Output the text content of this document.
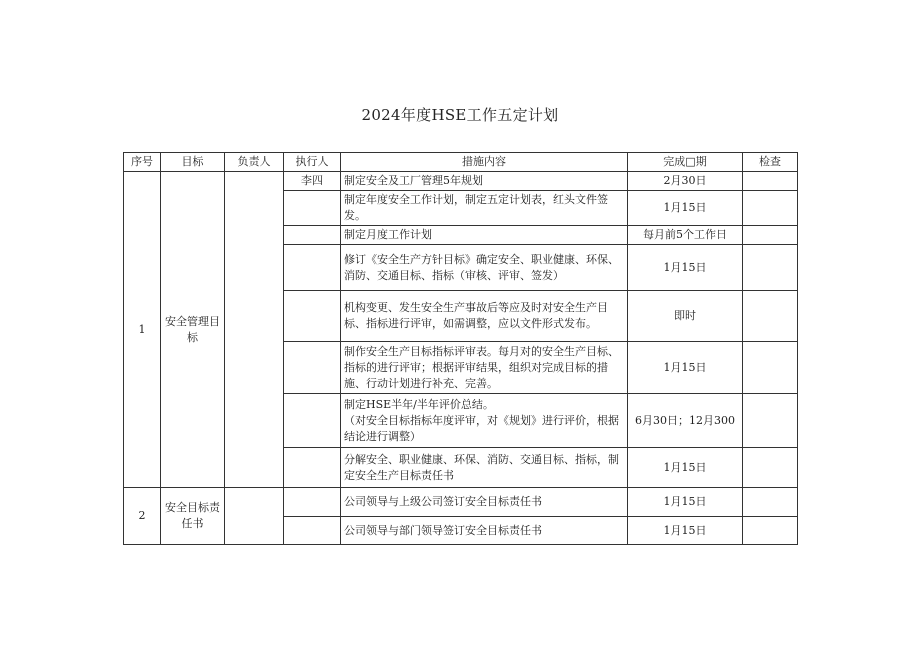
2024年度HSE工作五定计划
序号	目标	负责人	执行人	措施内容	完成□期	检查
1	安全管理目标		李四	制定安全及工厂管理5年规划	2月30日	
				制定年度安全工作计划，制定五定计划表，红头文件签发。	1月15日	
				制定月度工作计划	每月前5个工作日	
				修订《安全生产方针目标》确定安全、职业健康、环保、消防、交通目标、指标（审核、评审、签发）	1月15日	
				机构变更、发生安全生产事故后等应及时对安全生产目标、指标进行评审，如需调整，应以文件形式发布。	即时	
				制作安全生产目标指标评审表。每月对的安全生产目标、指标的进行评审；根据评审结果，组织对完成目标的措施、行动计划进行补充、完善。	1月15日	
				制定HSE半年/半年评价总结。
（对安全目标指标年度评审，对《规划》进行评价，根据结论进行调整）	6月30日；12月300	
				分解安全、职业健康、环保、消防、交通目标、指标，制定安全生产目标责任书	1月15日	
2	安全目标责任书			公司领导与上级公司签订安全目标责任书	1月15日	
				公司领导与部门领导签订安全目标责任书	1月15日	
